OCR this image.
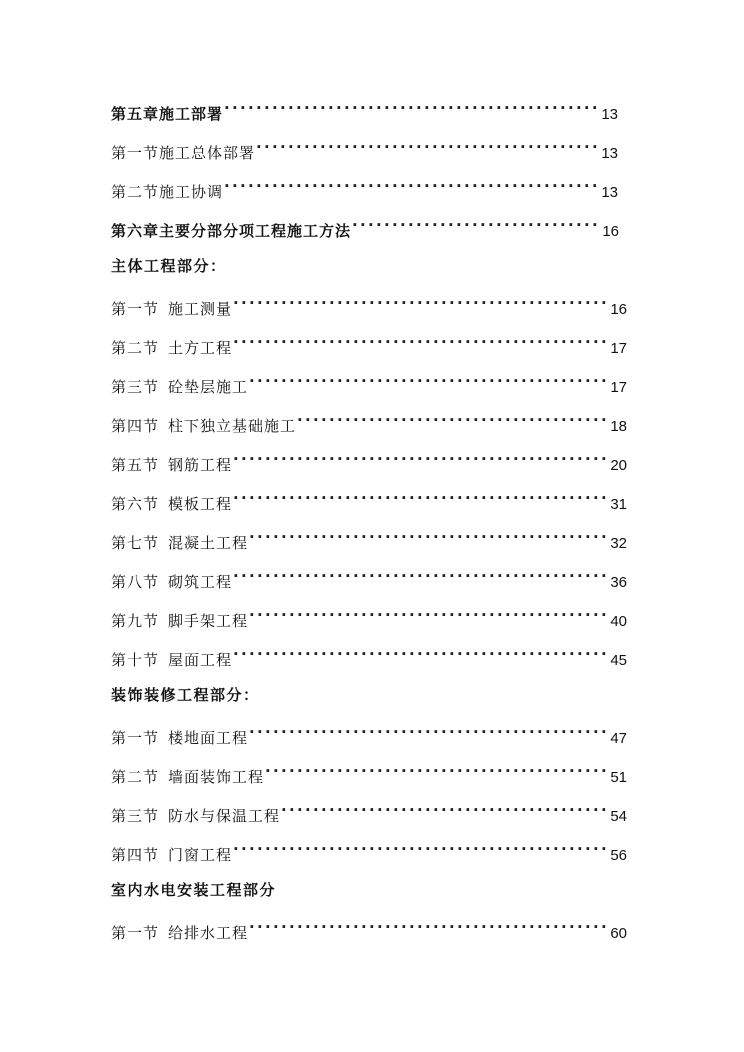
第五章施工部署 ·····	13
第一节施工总体部署 ·····	13
第二节施工协调 ·····	13
第六章主要分部分项工程施工方法 ·····	16
主体工程部分：
第一节 施工测量 ·····	16
第二节 土方工程 ·····	17
第三节 砼垫层施工 ·····	17
第四节 柱下独立基础施工 ·····	18
第五节 钢筋工程 ·····	20
第六节 模板工程 ·····	31
第七节 混凝土工程 ·····	32
第八节 砌筑工程 ·····	36
第九节 脚手架工程 ·····	40
第十节 屋面工程 ·····	45
装饰装修工程部分：
第一节 楼地面工程 ·····	47
第二节 墙面装饰工程 ·····	51
第三节 防水与保温工程 ·····	54
第四节 门窗工程 ·····	56
室内水电安装工程部分
第一节 给排水工程 ·····	60
